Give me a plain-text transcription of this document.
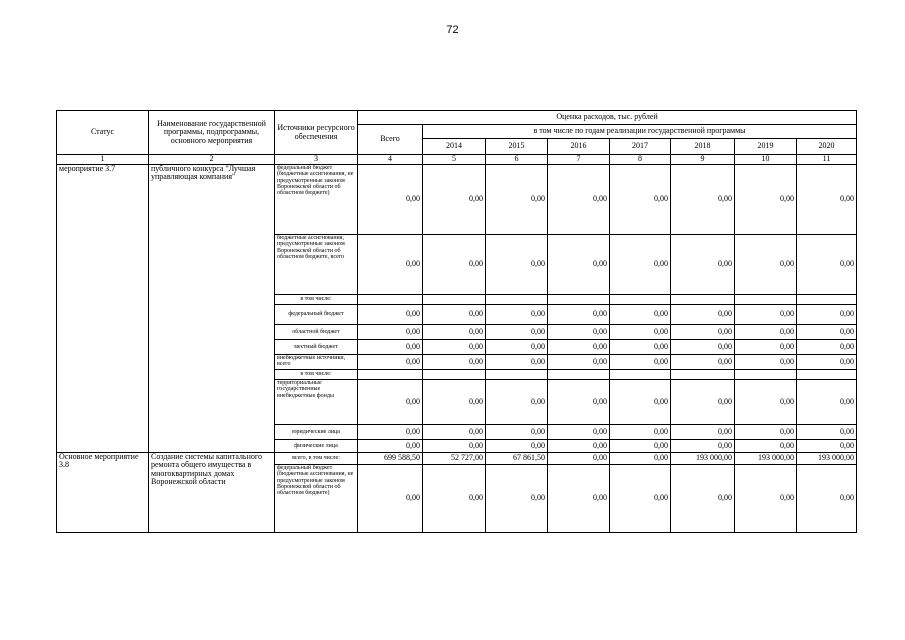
72
Статус	Наименование государственной программы, подпрограммы, основного мероприятия	Источники ресурсного обеспечения	Оценка расходов, тыс. рублей							
			Всего	в том числе по годам реализации государственной программы						
				2014	2015	2016	2017	2018	2019	2020
1	2	3	4	5	6	7	8	9	10	11
мероприятие 3.7	публичного конкурса "Лучшая управляющая компания"	федеральный бюджет (бюджетные ассигнования, не предусмотренные законом Воронежской области об областном бюджете)	0,00	0,00	0,00	0,00	0,00	0,00	0,00	0,00
		бюджетные ассигнования, предусмотренные законом Воронежской области об областном бюджете, всего	0,00	0,00	0,00	0,00	0,00	0,00	0,00	0,00
		в том числе:								
		федеральный бюджет	0,00	0,00	0,00	0,00	0,00	0,00	0,00	0,00
		областной бюджет	0,00	0,00	0,00	0,00	0,00	0,00	0,00	0,00
		местный бюджет	0,00	0,00	0,00	0,00	0,00	0,00	0,00	0,00
		внебюджетные источники, всего	0,00	0,00	0,00	0,00	0,00	0,00	0,00	0,00
		в том числе:								
		территориальные государственные внебюджетные фонды	0,00	0,00	0,00	0,00	0,00	0,00	0,00	0,00
		юридические лица	0,00	0,00	0,00	0,00	0,00	0,00	0,00	0,00
		физические лица	0,00	0,00	0,00	0,00	0,00	0,00	0,00	0,00
Основное мероприятие 3.8	Создание системы капитального ремонта общего имущества в многоквартирных домах Воронежской области	всего, в том числе:	699 588,50	52 727,00	67 861,50	0,00	0,00	193 000,00	193 000,00	193 000,00
		федеральный бюджет (бюджетные ассигнования, не предусмотренные законом Воронежской области об областном бюджете)	0,00	0,00	0,00	0,00	0,00	0,00	0,00	0,00
